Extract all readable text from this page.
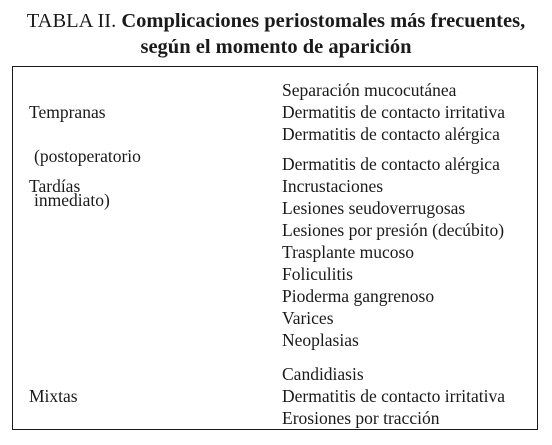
TABLA II. Complicaciones periostomales más frecuentes,
según el momento de aparición

Tempranas

(postoperatorio

inmediato)

Separación mucocutánea
Dermatitis de contacto irritativa
Dermatitis de contacto alérgica

Tardías

Dermatitis de contacto alérgica
Incrustaciones
Lesiones seudoverrugosas
Lesiones por presión (decúbito)
Trasplante mucoso
Foliculitis
Pioderma gangrenoso
Varices
Neoplasias

Mixtas

Candidiasis
Dermatitis de contacto irritativa
Erosiones por tracción
